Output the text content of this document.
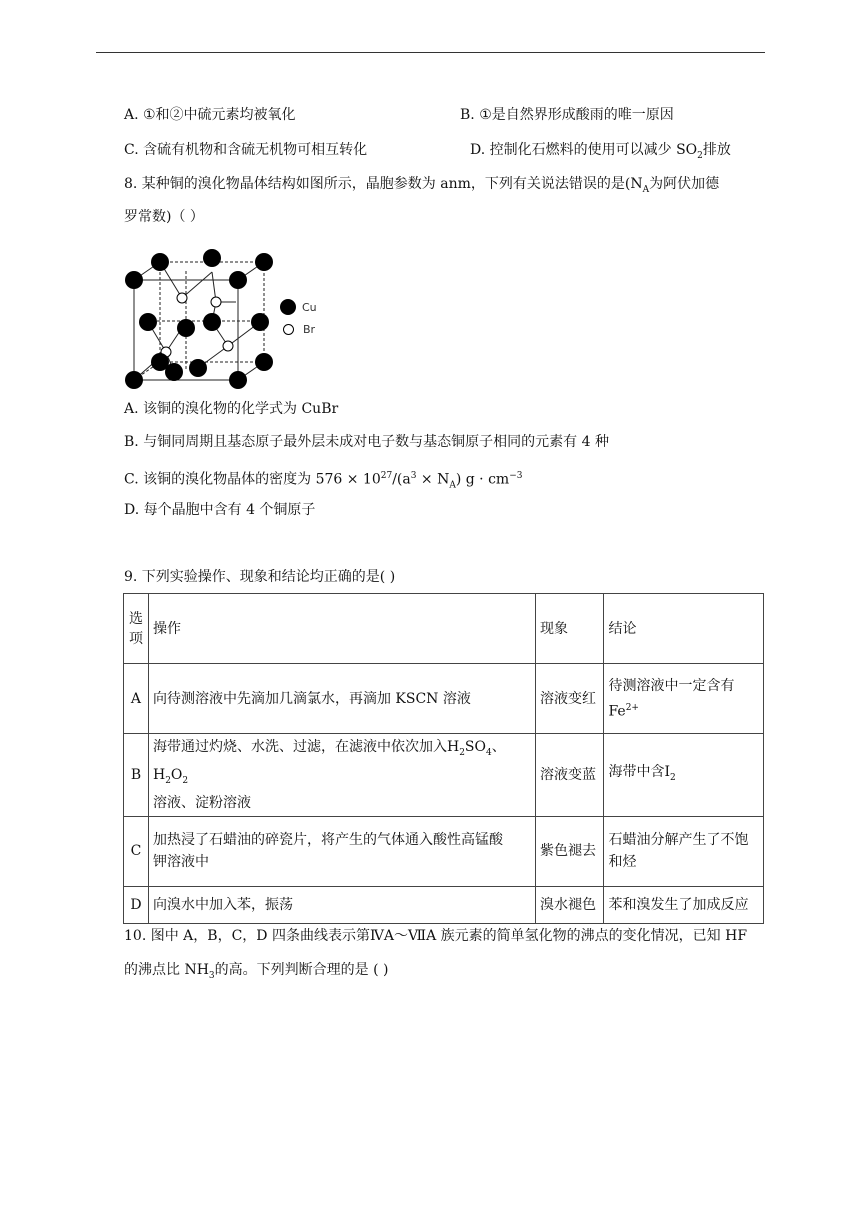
A. ①和②中硫元素均被氧化	B. ①是自然界形成酸雨的唯一原因
C. 含硫有机物和含硫无机物可相互转化	D. 控制化石燃料的使用可以减少 $SO_2$排放
8. 某种铜的溴化物晶体结构如图所示，晶胞参数为 anm，下列有关说法错误的是($N_A$为阿伏加德
罗常数)（ ）
Cu
Br
A. 该铜的溴化物的化学式为 CuBr
B. 与铜同周期且基态原子最外层未成对电子数与基态铜原子相同的元素有 4 种
C. 该铜的溴化物晶体的密度为 $576 \times 10^{27}/(a^3 \times N_A) g \cdot cm^{-3}$
D. 每个晶胞中含有 4 个铜原子
9. 下列实验操作、现象和结论均正确的是( )
选项	操作	现象	结论
A	向待测溶液中先滴加几滴氯水，再滴加 KSCN 溶液	溶液变红	待测溶液中一定含有
$Fe^{2+}$
B	海带通过灼烧、水洗、过滤，在滤液中依次加入$H_2SO_4$、$H_2O_2$
溶液、淀粉溶液	溶液变蓝	海带中含$I_2$
C	加热浸了石蜡油的碎瓷片，将产生的气体通入酸性高锰酸
钾溶液中	紫色褪去	石蜡油分解产生了不饱
和烃
D	向溴水中加入苯，振荡	溴水褪色	苯和溴发生了加成反应
10. 图中 A，B，C，D 四条曲线表示第ⅣA～ⅦA 族元素的简单氢化物的沸点的变化情况，已知 HF
的沸点比 $NH_3$的高。下列判断合理的是 ( )
